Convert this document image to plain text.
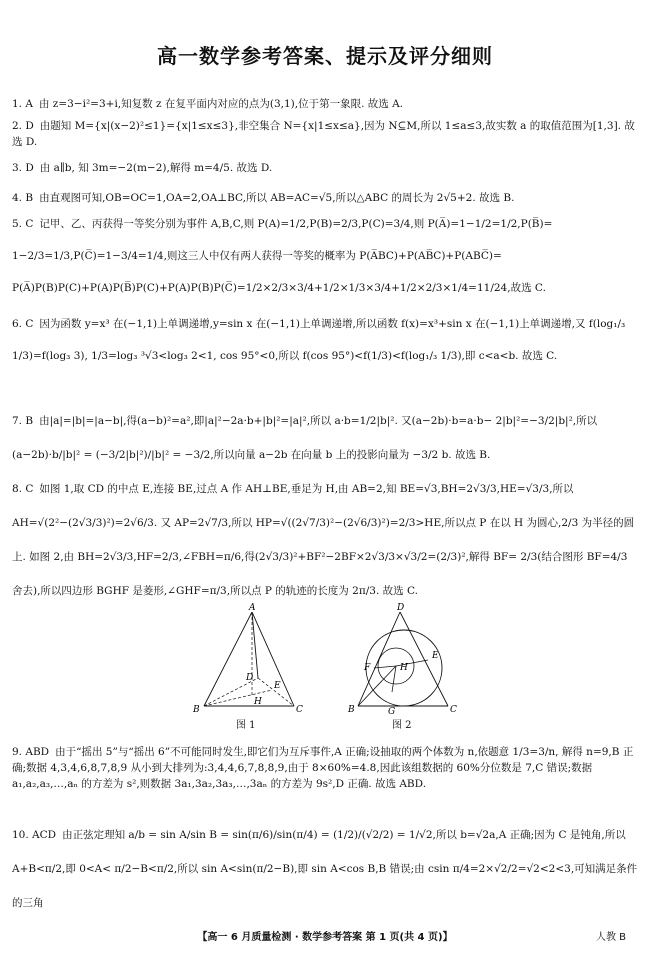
高一数学参考答案、提示及评分细则
1. A 由 z=3−i²=3+i,知复数 z 在复平面内对应的点为(3,1),位于第一象限. 故选 A.
2. D 由题知 M={x|(x−2)²≤1}={x|1≤x≤3},非空集合 N={x|1≤x≤a},因为 N⊆M,所以 1≤a≤3,故实数 a 的取值范围为[1,3]. 故选 D.
3. D 由 a∥b, 知 3m=−2(m−2),解得 m=4/5. 故选 D.
4. B 由直观图可知,OB=OC=1,OA=2,OA⊥BC,所以 AB=AC=√5,所以△ABC 的周长为 2√5+2. 故选 B.
5. C 记甲、乙、丙获得一等奖分别为事件 A,B,C,则 P(A)=1/2,P(B)=2/3,P(C)=3/4,则 P(A̅)=1−1/2=1/2,P(B̅)= 1−2/3=1/3,P(C̅)=1−3/4=1/4,则这三人中仅有两人获得一等奖的概率为 P(A̅BC)+P(AB̅C)+P(ABC̅)= P(A̅)P(B)P(C)+P(A)P(B̅)P(C)+P(A)P(B)P(C̅)=1/2×2/3×3/4+1/2×1/3×3/4+1/2×2/3×1/4=11/24,故选 C.
6. C 因为函数 y=x³ 在(−1,1)上单调递增,y=sin x 在(−1,1)上单调递增,所以函数 f(x)=x³+sin x 在(−1,1)上单调递增,又 f(log₁/₃ 1/3)=f(log₃ 3), 1/3=log₃ ³√3<log₃ 2<1, cos 95°<0,所以 f(cos 95°)<f(1/3)<f(log₁/₃ 1/3),即 c<a<b. 故选 C.
7. B 由|a|=|b|=|a−b|,得(a−b)²=a²,即|a|²−2a·b+|b|²=|a|²,所以 a·b=1/2|b|². 又(a−2b)·b=a·b− 2|b|²=−3/2|b|²,所以 (a−2b)·b/|b|² = (−3/2|b|²)/|b|² = −3/2,所以向量 a−2b 在向量 b 上的投影向量为 −3/2 b. 故选 B.
8. C 如图 1,取 CD 的中点 E,连接 BE,过点 A 作 AH⊥BE,垂足为 H,由 AB=2,知 BE=√3,BH=2√3/3,HE=√3/3,所以 AH=√(2²−(2√3/3)²)=2√6/3. 又 AP=2√7/3,所以 HP=√((2√7/3)²−(2√6/3)²)=2/3>HE,所以点 P 在以 H 为圆心,2/3 为半径的圆上. 如图 2,由 BH=2√3/3,HF=2/3,∠FBH=π/6,得(2√3/3)²+BF²−2BF×2√3/3×√3/2=(2/3)²,解得 BF= 2/3(结合图形 BF=4/3 舍去),所以四边形 BGHF 是菱形,∠GHF=π/3,所以点 P 的轨迹的长度为 2π/3. 故选 C.
A
B	C
D
E
H
图 1
D
F
E
H
B	G	C
图 2
9. ABD 由于“摇出 5”与“摇出 6”不可能同时发生,即它们为互斥事件,A 正确;设抽取的两个体数为 n,依题意 1/3=3/n, 解得 n=9,B 正确;数据 4,3,4,6,8,7,8,9 从小到大排列为:3,4,4,6,7,8,8,9,由于 8×60%=4.8,因此该组数据的 60%分位数是 7,C 错误;数据 a₁,a₂,a₃,…,aₙ 的方差为 s²,则数据 3a₁,3a₂,3a₃,…,3aₙ 的方差为 9s²,D 正确. 故选 ABD.
10. ACD 由正弦定理知 a/b = sin A/sin B = sin(π/6)/sin(π/4) = (1/2)/(√2/2) = 1/√2,所以 b=√2a,A 正确;因为 C 是钝角,所以 A+B<π/2,即 0<A< π/2−B<π/2,所以 sin A<sin(π/2−B),即 sin A<cos B,B 错误;由 csin π/4=2×√2/2=√2<2<3,可知满足条件的三角
【高一 6 月质量检测 · 数学参考答案 第 1 页(共 4 页)】	人教 B
